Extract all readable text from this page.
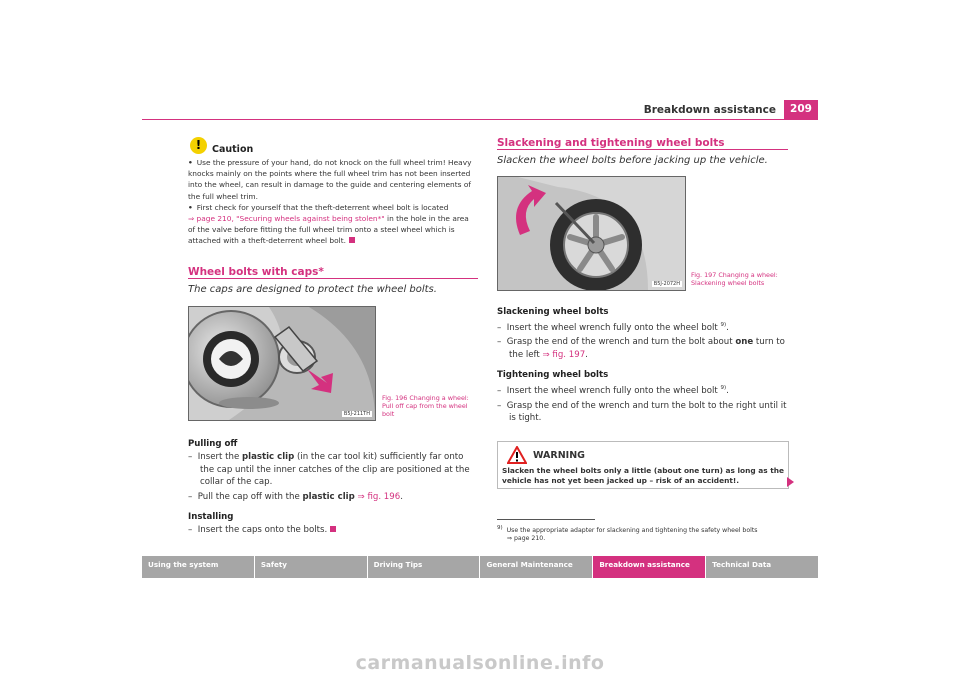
Breakdown assistance	209
!	Caution
• Use the pressure of your hand, do not knock on the full wheel trim! Heavy knocks mainly on the points where the full wheel trim has not been inserted into the wheel, can result in damage to the guide and centering elements of the full wheel trim.
• First check for yourself that the theft-deterrent wheel bolt is located
⇒ page 210, "Securing wheels against being stolen*" in the hole in the area of the valve before fitting the full wheel trim onto a steel wheel which is attached with a theft-deterrent wheel bolt.
Wheel bolts with caps*
The caps are designed to protect the wheel bolts.
B5J-211TH
Fig. 196 Changing a wheel: Pull off cap from the wheel bolt
Pulling off
–  Insert the plastic clip (in the car tool kit) sufficiently far onto the cap until the inner catches of the clip are positioned at the collar of the cap.
–  Pull the cap off with the plastic clip ⇒ fig. 196.
Installing
–  Insert the caps onto the bolts.
Slackening and tightening wheel bolts
Slacken the wheel bolts before jacking up the vehicle.
B5J-2072H
Fig. 197 Changing a wheel: Slackening wheel bolts
Slackening wheel bolts
–  Insert the wheel wrench fully onto the wheel bolt $^{9)}$.
–  Grasp the end of the wrench and turn the bolt about one turn to the left ⇒ fig. 197.
Tightening wheel bolts
–  Insert the wheel wrench fully onto the wheel bolt $^{9)}$.
–  Grasp the end of the wrench and turn the bolt to the right until it is tight.
WARNING
Slacken the wheel bolts only a little (about one turn) as long as the vehicle has not yet been jacked up – risk of an accident!.
$^{9)}$ Use the appropriate adapter for slackening and tightening the safety wheel bolts
⇒ page 210.
Using the system	Safety	Driving Tips	General Maintenance	Breakdown assistance	Technical Data
carmanualsonline.info
